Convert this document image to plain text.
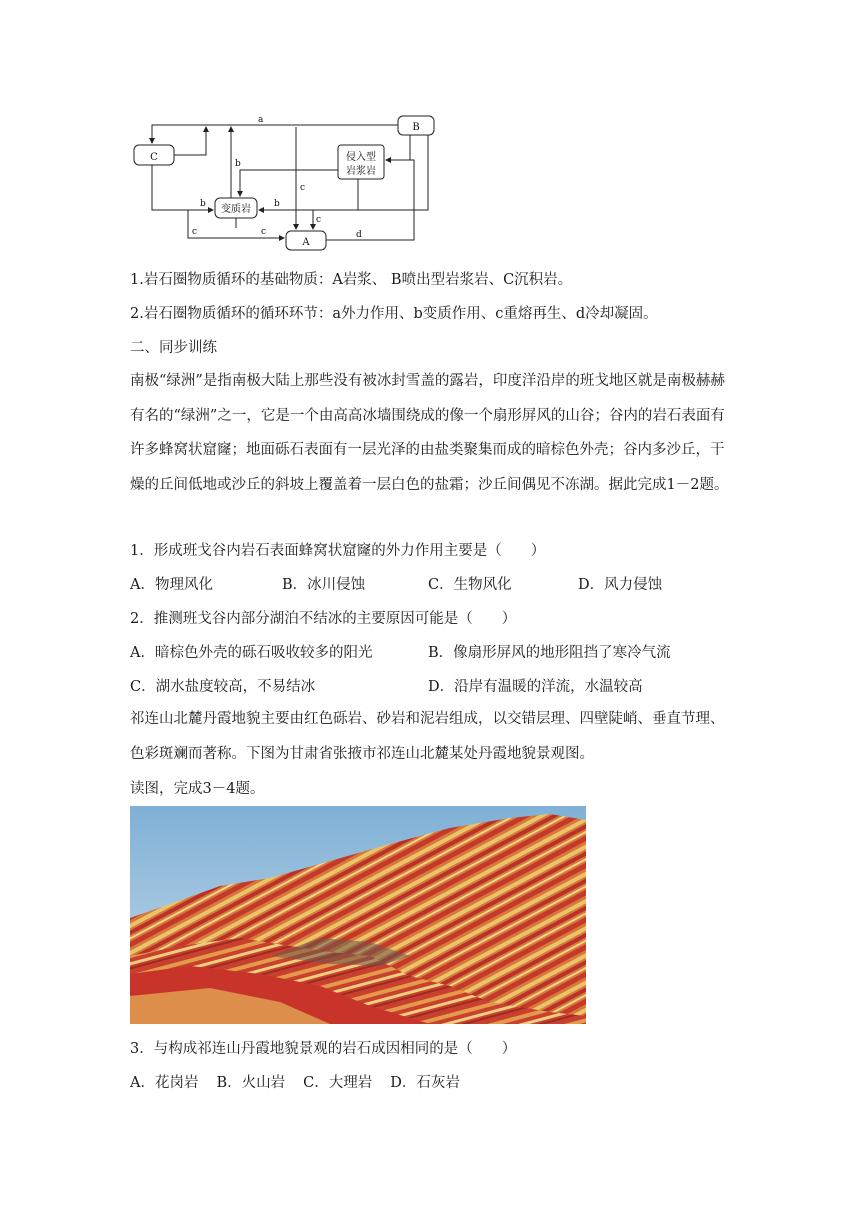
C
B
侵入型
岩浆岩
变质岩
A
a
b
b	b
c
c
c	c	d
1.岩石圈物质循环的基础物质：A岩浆、 B喷出型岩浆岩、C沉积岩。
2.岩石圈物质循环的循环环节：a外力作用、b变质作用、c重熔再生、d冷却凝固。
二、同步训练
南极“绿洲”是指南极大陆上那些没有被冰封雪盖的露岩，印度洋沿岸的班戈地区就是南极赫赫有名的“绿洲”之一，它是一个由高高冰墙围绕成的像一个扇形屏风的山谷；谷内的岩石表面有许多蜂窝状窟窿；地面砾石表面有一层光泽的由盐类聚集而成的暗棕色外壳；谷内多沙丘，干燥的丘间低地或沙丘的斜坡上覆盖着一层白色的盐霜；沙丘间偶见不冻湖。据此完成1－2题。
1．形成班戈谷内岩石表面蜂窝状窟窿的外力作用主要是（　　）
A．物理风化	B．冰川侵蚀	C．生物风化	D．风力侵蚀
2．推测班戈谷内部分湖泊不结冰的主要原因可能是（　　）
A．暗棕色外壳的砾石吸收较多的阳光	B．像扇形屏风的地形阻挡了寒冷气流
C．湖水盐度较高，不易结冰	D．沿岸有温暖的洋流，水温较高
祁连山北麓丹霞地貌主要由红色砾岩、砂岩和泥岩组成，以交错层理、四壁陡峭、垂直节理、色彩斑斓而著称。下图为甘肃省张掖市祁连山北麓某处丹霞地貌景观图。
读图，完成3－4题。
3．与构成祁连山丹霞地貌景观的岩石成因相同的是（　　）
A．花岗岩 B．火山岩 C．大理岩 D．石灰岩
